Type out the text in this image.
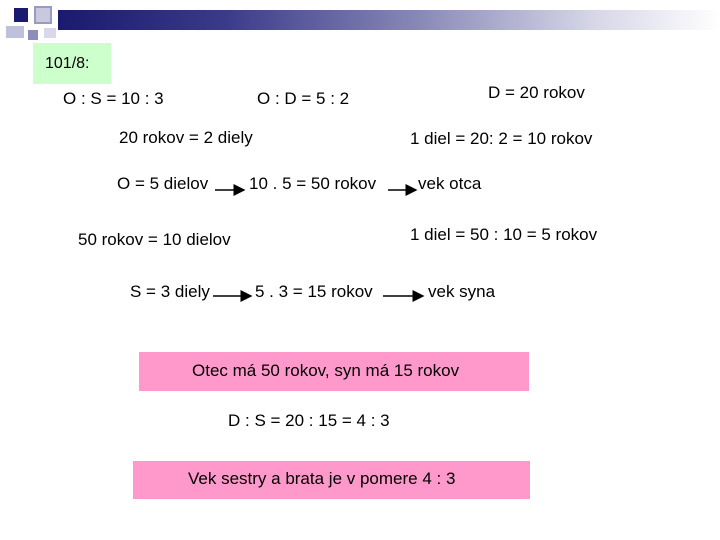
101/8:
O : S = 10 : 3	O : D = 5 : 2	D = 20 rokov
20 rokov = 2 diely	1 diel = 20: 2 = 10 rokov
O = 5 dielov 10 . 5 = 50 rokov vek otca
50 rokov = 10 dielov	1 diel = 50 : 10 = 5 rokov
S = 3 diely	5 . 3 = 15 rokov	vek syna
Otec má 50 rokov, syn má 15 rokov
D : S = 20 : 15 = 4 : 3
Vek sestry a brata je v pomere 4 : 3
